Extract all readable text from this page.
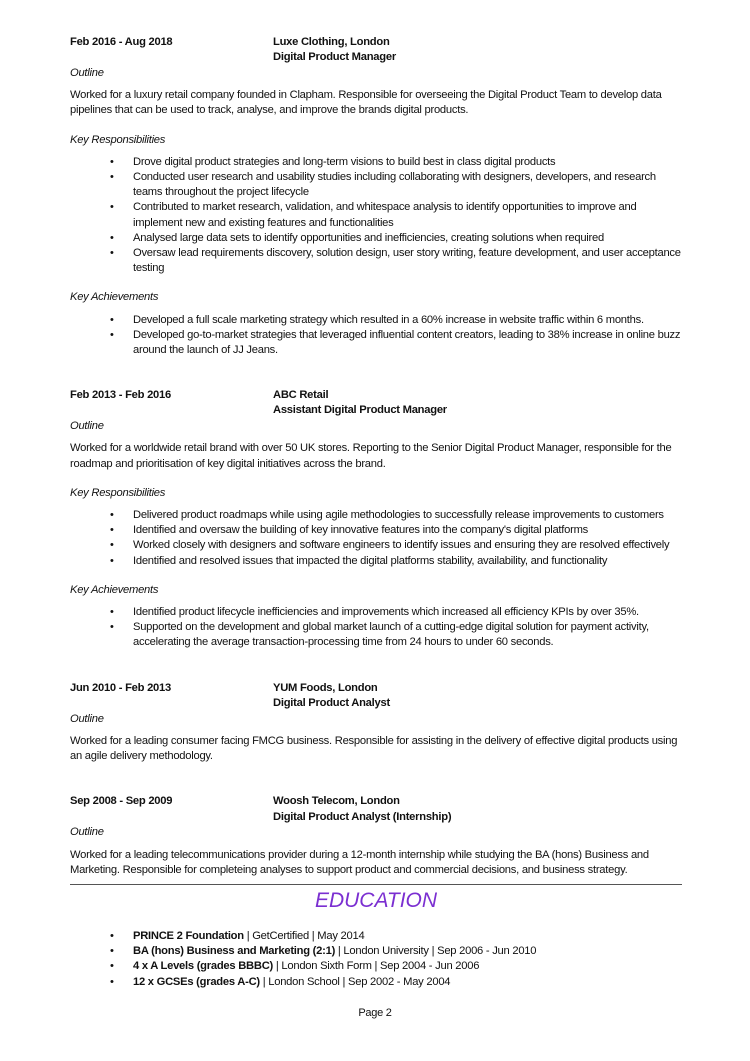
Feb 2016 - Aug 2018	Luxe Clothing, London
Digital Product Manager
Outline

Worked for a luxury retail company founded in Clapham. Responsible for overseeing the Digital Product Team to develop data pipelines that can be used to track, analyse, and improve the brands digital products.

Key Responsibilities
• Drove digital product strategies and long-term visions to build best in class digital products
• Conducted user research and usability studies including collaborating with designers, developers, and research teams throughout the project lifecycle
• Contributed to market research, validation, and whitespace analysis to identify opportunities to improve and implement new and existing features and functionalities
• Analysed large data sets to identify opportunities and inefficiencies, creating solutions when required
• Oversaw lead requirements discovery, solution design, user story writing, feature development, and user acceptance testing
Key Achievements
• Developed a full scale marketing strategy which resulted in a 60% increase in website traffic within 6 months.
• Developed go-to-market strategies that leveraged influential content creators, leading to 38% increase in online buzz around the launch of JJ Jeans.
Feb 2013 - Feb 2016	ABC Retail
Assistant Digital Product Manager
Outline

Worked for a worldwide retail brand with over 50 UK stores. Reporting to the Senior Digital Product Manager, responsible for the roadmap and prioritisation of key digital initiatives across the brand.

Key Responsibilities
• Delivered product roadmaps while using agile methodologies to successfully release improvements to customers
• Identified and oversaw the building of key innovative features into the company's digital platforms
• Worked closely with designers and software engineers to identify issues and ensuring they are resolved effectively
• Identified and resolved issues that impacted the digital platforms stability, availability, and functionality
Key Achievements
• Identified product lifecycle inefficiencies and improvements which increased all efficiency KPIs by over 35%.
• Supported on the development and global market launch of a cutting-edge digital solution for payment activity, accelerating the average transaction-processing time from 24 hours to under 60 seconds.
Jun 2010 - Feb 2013	YUM Foods, London
Digital Product Analyst
Outline

Worked for a leading consumer facing FMCG business. Responsible for assisting in the delivery of effective digital products using an agile delivery methodology.

Sep 2008 - Sep 2009	Woosh Telecom, London
Digital Product Analyst (Internship)
Outline

Worked for a leading telecommunications provider during a 12-month internship while studying the BA (hons) Business and Marketing. Responsible for completeing analyses to support product and commercial decisions, and business strategy.

EDUCATION
• PRINCE 2 Foundation | GetCertified | May 2014
• BA (hons) Business and Marketing (2:1) | London University | Sep 2006 - Jun 2010
• 4 x A Levels (grades BBBC) | London Sixth Form | Sep 2004 - Jun 2006
• 12 x GCSEs (grades A-C) | London School | Sep 2002 - May 2004
Page 2
